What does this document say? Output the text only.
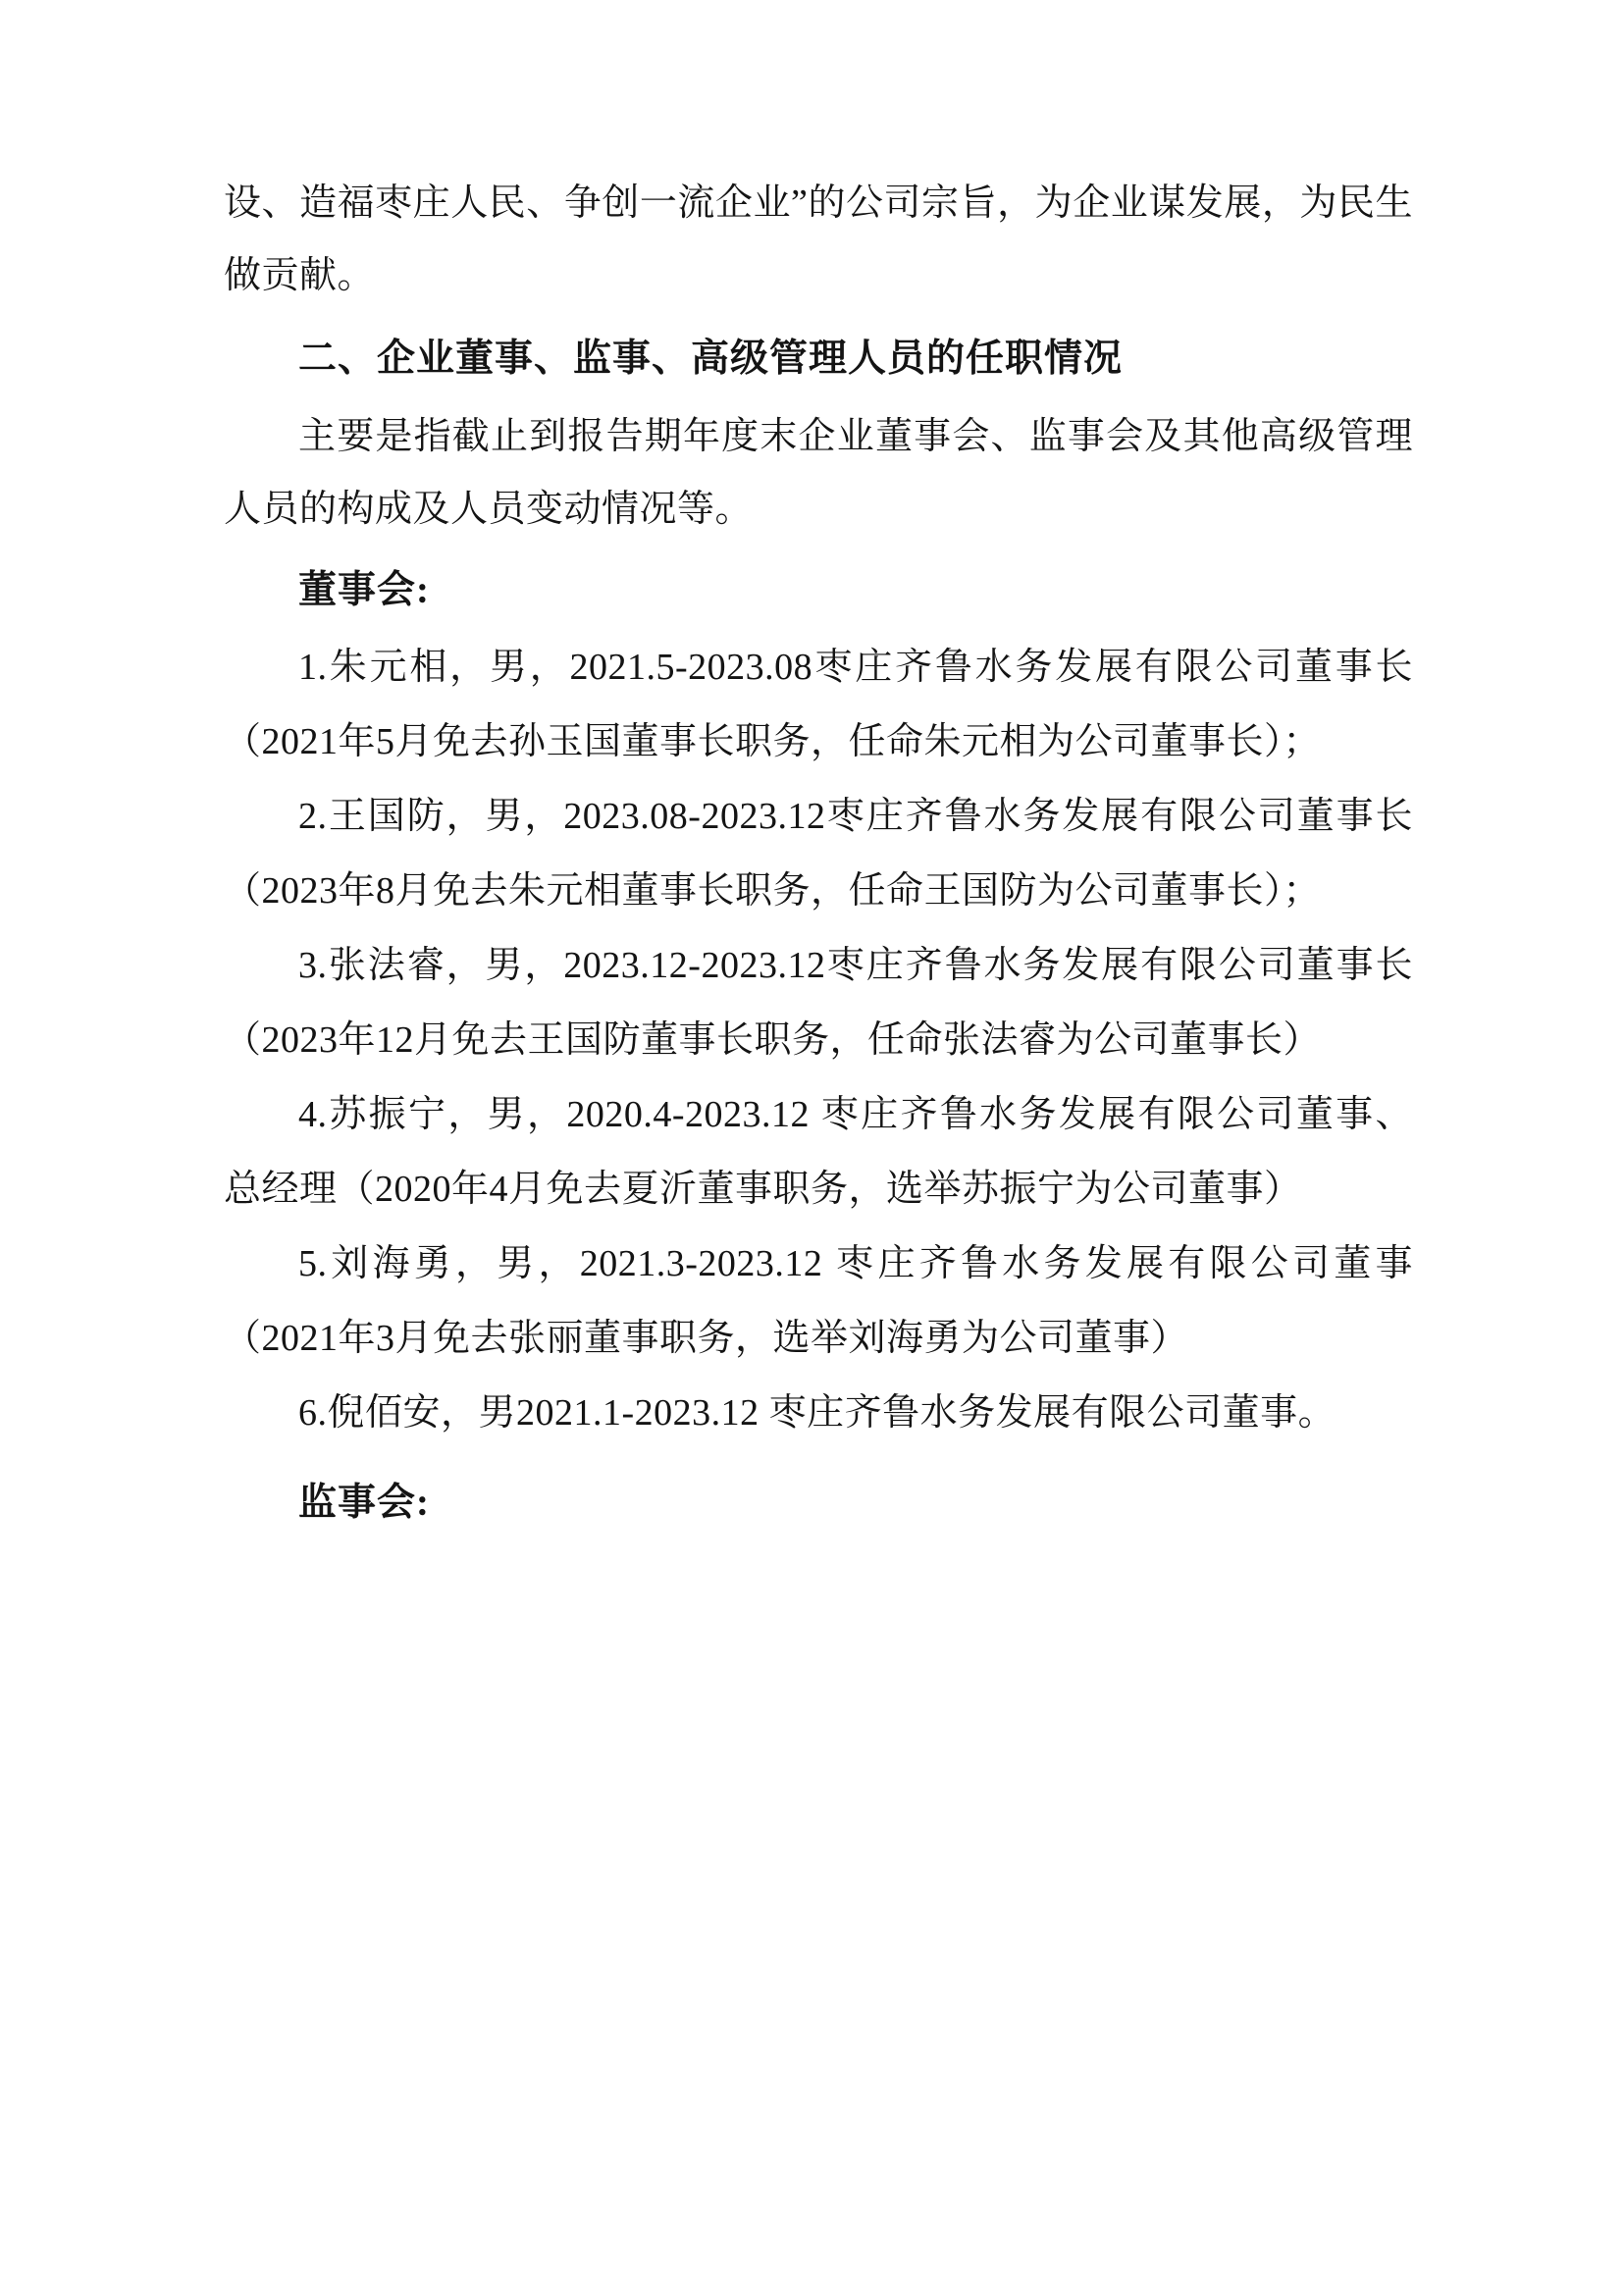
设、造福枣庄人民、争创一流企业”的公司宗旨，为企业谋发展，为民生做贡献。

二、企业董事、监事、高级管理人员的任职情况

主要是指截止到报告期年度末企业董事会、监事会及其他高级管理人员的构成及人员变动情况等。

董事会:

1.朱元相，男，2021.5-2023.08枣庄齐鲁水务发展有限公司董事长（2021年5月免去孙玉国董事长职务，任命朱元相为公司董事长）；

2.王国防，男，2023.08-2023.12枣庄齐鲁水务发展有限公司董事长（2023年8月免去朱元相董事长职务，任命王国防为公司董事长）；

3.张法睿，男，2023.12-2023.12枣庄齐鲁水务发展有限公司董事长（2023年12月免去王国防董事长职务，任命张法睿为公司董事长）

4.苏振宁，男，2020.4-2023.12 枣庄齐鲁水务发展有限公司董事、 总经理（2020年4月免去夏沂董事职务，选举苏振宁为公司董事）

5.刘海勇，男，2021.3-2023.12 枣庄齐鲁水务发展有限公司董事（2021年3月免去张丽董事职务，选举刘海勇为公司董事）

6.倪佰安，男2021.1-2023.12 枣庄齐鲁水务发展有限公司董事。

监事会:
